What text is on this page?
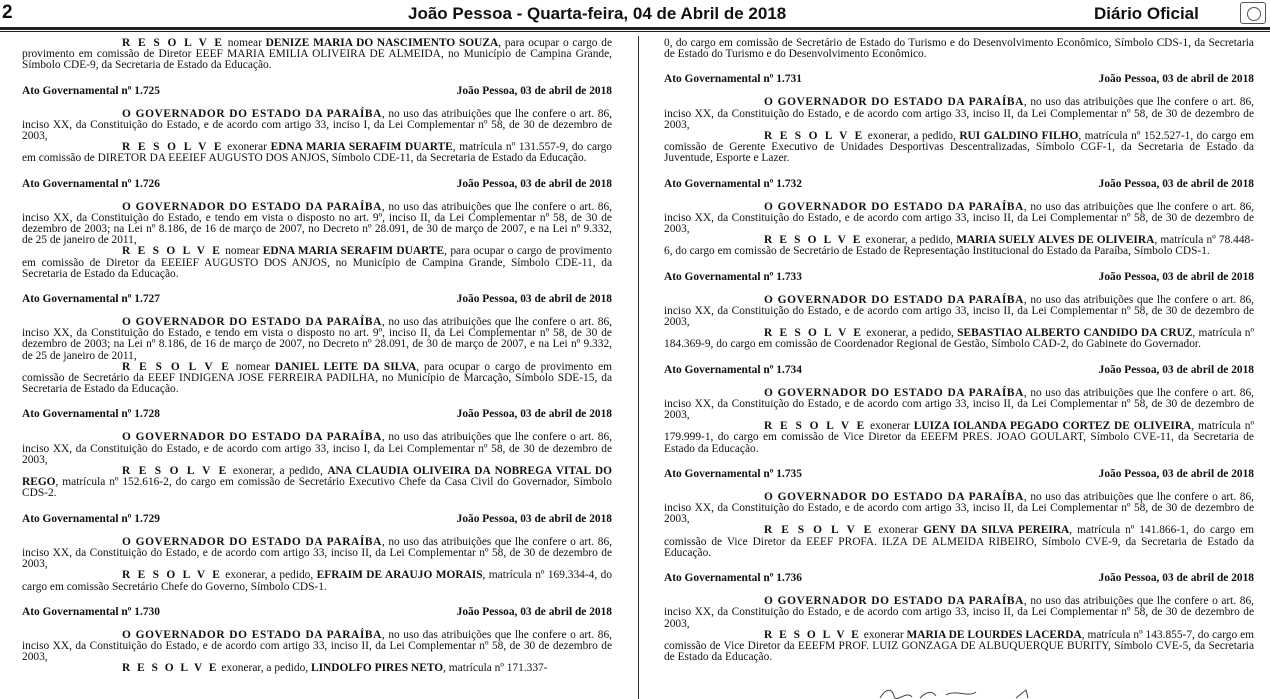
2	João Pessoa - Quarta-feira, 04 de Abril de 2018	Diário Oficial

R E S O L V E nomear DENIZE MARIA DO NASCIMENTO SOUZA, para ocupar o cargo de provimento em comissão de Diretor EEEF MARIA EMILIA OLIVEIRA DE ALMEIDA, no Município de Campina Grande, Símbolo CDE-9, da Secretaria de Estado da Educação.

Ato Governamental nº 1.725	João Pessoa, 03 de abril de 2018

O GOVERNADOR DO ESTADO DA PARAÍBA, no uso das atribuições que lhe confere o art. 86, inciso XX, da Constituição do Estado, e de acordo com artigo 33, inciso I, da Lei Complementar nº 58, de 30 de dezembro de 2003,

R E S O L V E exonerar EDNA MARIA SERAFIM DUARTE, matrícula nº 131.557-9, do cargo em comissão de DIRETOR DA EEEIEF AUGUSTO DOS ANJOS, Símbolo CDE-11, da Secretaria de Estado da Educação.

Ato Governamental nº 1.726	João Pessoa, 03 de abril de 2018

O GOVERNADOR DO ESTADO DA PARAÍBA, no uso das atribuições que lhe confere o art. 86, inciso XX, da Constituição do Estado, e tendo em vista o disposto no art. 9º, inciso II, da Lei Complementar nº 58, de 30 de dezembro de 2003; na Lei nº 8.186, de 16 de março de 2007, no Decreto nº 28.091, de 30 de março de 2007, e na Lei nº 9.332, de 25 de janeiro de 2011,

R E S O L V E nomear EDNA MARIA SERAFIM DUARTE, para ocupar o cargo de provimento em comissão de Diretor da EEEIEF AUGUSTO DOS ANJOS, no Município de Campina Grande, Símbolo CDE-11, da Secretaria de Estado da Educação.

Ato Governamental nº 1.727	João Pessoa, 03 de abril de 2018

O GOVERNADOR DO ESTADO DA PARAÍBA, no uso das atribuições que lhe confere o art. 86, inciso XX, da Constituição do Estado, e tendo em vista o disposto no art. 9º, inciso II, da Lei Complementar nº 58, de 30 de dezembro de 2003; na Lei nº 8.186, de 16 de março de 2007, no Decreto nº 28.091, de 30 de março de 2007, e na Lei nº 9.332, de 25 de janeiro de 2011,

R E S O L V E nomear DANIEL LEITE DA SILVA, para ocupar o cargo de provimento em comissão de Secretário da EEEF INDIGENA JOSE FERREIRA PADILHA, no Município de Marcação, Símbolo SDE-15, da Secretaria de Estado da Educação.

Ato Governamental nº 1.728	João Pessoa, 03 de abril de 2018

O GOVERNADOR DO ESTADO DA PARAÍBA, no uso das atribuições que lhe confere o art. 86, inciso XX, da Constituição do Estado, e de acordo com artigo 33, inciso I, da Lei Complementar nº 58, de 30 de dezembro de 2003,

R E S O L V E exonerar, a pedido, ANA CLAUDIA OLIVEIRA DA NOBREGA VITAL DO REGO, matrícula nº 152.616-2, do cargo em comissão de Secretário Executivo Chefe da Casa Civil do Governador, Símbolo CDS-2.

Ato Governamental nº 1.729	João Pessoa, 03 de abril de 2018

O GOVERNADOR DO ESTADO DA PARAÍBA, no uso das atribuições que lhe confere o art. 86, inciso XX, da Constituição do Estado, e de acordo com artigo 33, inciso II, da Lei Complementar nº 58, de 30 de dezembro de 2003,

R E S O L V E exonerar, a pedido, EFRAIM DE ARAUJO MORAIS, matrícula nº 169.334-4, do cargo em comissão Secretário Chefe do Governo, Símbolo CDS-1.

Ato Governamental nº 1.730	João Pessoa, 03 de abril de 2018

O GOVERNADOR DO ESTADO DA PARAÍBA, no uso das atribuições que lhe confere o art. 86, inciso XX, da Constituição do Estado, e de acordo com artigo 33, inciso II, da Lei Complementar nº 58, de 30 de dezembro de 2003,

R E S O L V E exonerar, a pedido, LINDOLFO PIRES NETO, matrícula nº 171.337-

0, do cargo em comissão de Secretário de Estado do Turismo e do Desenvolvimento Econômico, Símbolo CDS-1, da Secretaria de Estado do Turismo e do Desenvolvimento Econômico.

Ato Governamental nº 1.731	João Pessoa, 03 de abril de 2018

O GOVERNADOR DO ESTADO DA PARAÍBA, no uso das atribuições que lhe confere o art. 86, inciso XX, da Constituição do Estado, e de acordo com artigo 33, inciso II, da Lei Complementar nº 58, de 30 de dezembro de 2003,

R E S O L V E exonerar, a pedido, RUI GALDINO FILHO, matrícula nº 152.527-1, do cargo em comissão de Gerente Executivo de Unidades Desportivas Descentralizadas, Símbolo CGF-1, da Secretaria de Estado da Juventude, Esporte e Lazer.

Ato Governamental nº 1.732	João Pessoa, 03 de abril de 2018

O GOVERNADOR DO ESTADO DA PARAÍBA, no uso das atribuições que lhe confere o art. 86, inciso XX, da Constituição do Estado, e de acordo com artigo 33, inciso II, da Lei Complementar nº 58, de 30 de dezembro de 2003,

R E S O L V E exonerar, a pedido, MARIA SUELY ALVES DE OLIVEIRA, matrícula nº 78.448-6, do cargo em comissão de Secretário de Estado de Representação Institucional do Estado da Paraíba, Símbolo CDS-1.

Ato Governamental nº 1.733	João Pessoa, 03 de abril de 2018

O GOVERNADOR DO ESTADO DA PARAÍBA, no uso das atribuições que lhe confere o art. 86, inciso XX, da Constituição do Estado, e de acordo com artigo 33, inciso II, da Lei Complementar nº 58, de 30 de dezembro de 2003,

R E S O L V E exonerar, a pedido, SEBASTIAO ALBERTO CANDIDO DA CRUZ, matrícula nº 184.369-9, do cargo em comissão de Coordenador Regional de Gestão, Símbolo CAD-2, do Gabinete do Governador.

Ato Governamental nº 1.734	João Pessoa, 03 de abril de 2018

O GOVERNADOR DO ESTADO DA PARAÍBA, no uso das atribuições que lhe confere o art. 86, inciso XX, da Constituição do Estado, e de acordo com artigo 33, inciso II, da Lei Complementar nº 58, de 30 de dezembro de 2003,

R E S O L V E exonerar LUIZA IOLANDA PEGADO CORTEZ DE OLIVEIRA, matrícula nº 179.999-1, do cargo em comissão de Vice Diretor da EEEFM PRES. JOAO GOULART, Símbolo CVE-11, da Secretaria de Estado da Educação.

Ato Governamental nº 1.735	João Pessoa, 03 de abril de 2018

O GOVERNADOR DO ESTADO DA PARAÍBA, no uso das atribuições que lhe confere o art. 86, inciso XX, da Constituição do Estado, e de acordo com artigo 33, inciso II, da Lei Complementar nº 58, de 30 de dezembro de 2003,

R E S O L V E exonerar GENY DA SILVA PEREIRA, matrícula nº 141.866-1, do cargo em comissão de Vice Diretor da EEEF PROFA. ILZA DE ALMEIDA RIBEIRO, Símbolo CVE-9, da Secretaria de Estado da Educação.

Ato Governamental nº 1.736	João Pessoa, 03 de abril de 2018

O GOVERNADOR DO ESTADO DA PARAÍBA, no uso das atribuições que lhe confere o art. 86, inciso XX, da Constituição do Estado, e de acordo com artigo 33, inciso II, da Lei Complementar nº 58, de 30 de dezembro de 2003,

R E S O L V E exonerar MARIA DE LOURDES LACERDA, matrícula nº 143.855-7, do cargo em comissão de Vice Diretor da EEEFM PROF. LUIZ GONZAGA DE ALBUQUERQUE BURITY, Símbolo CVE-5, da Secretaria de Estado da Educação.
